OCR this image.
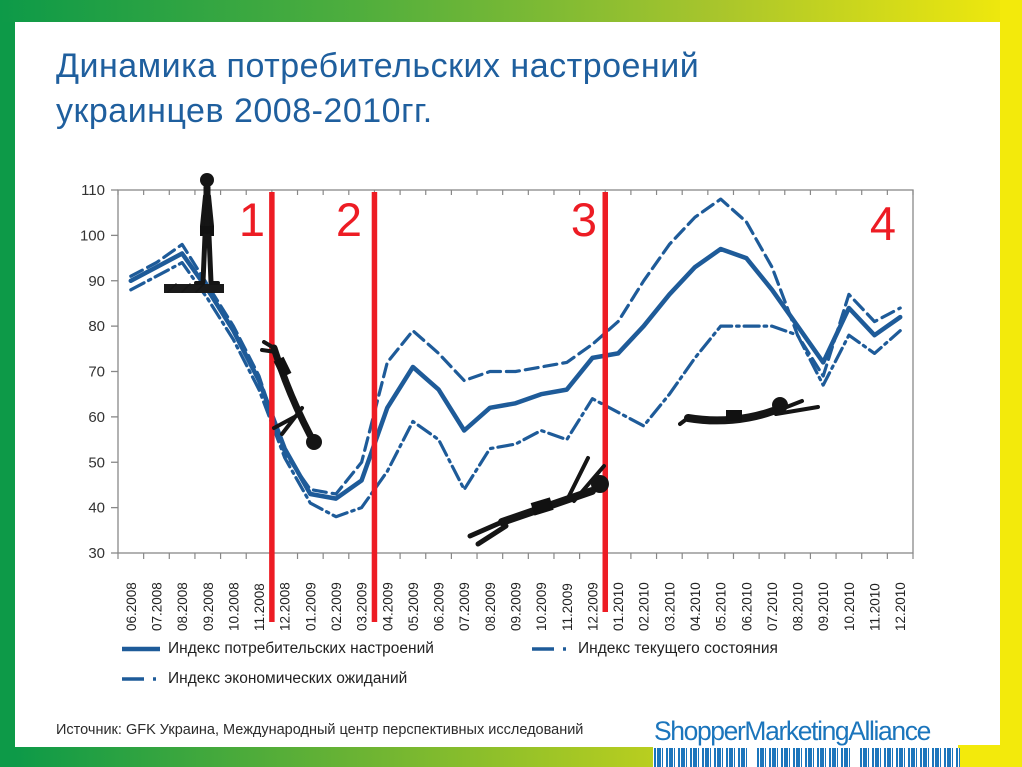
Динамика потребительских настроений
украинцев 2008-2010гг.
30
40
50
60
70
80
90
100
110
06.2008 07.2008 08.2008 09.2008 10.2008 11.2008 12.2008 01.2009 02.2009 03.2009 04.2009 05.2009 06.2009 07.2009 08.2009 09.2009 10.2009 11.2009 12.2009 01.2010 02.2010 03.2010 04.2010 05.2010 06.2010 07.2010 08.2010 09.2010 10.2010 11.2010 12.2010
1 2	3	4
Индекс потребительских настроений	Индекс текущего состояния
Индекс экономических ожиданий
Источник: GFK Украина, Международный центр перспективных исследований	ShopperMarketingAlliance
